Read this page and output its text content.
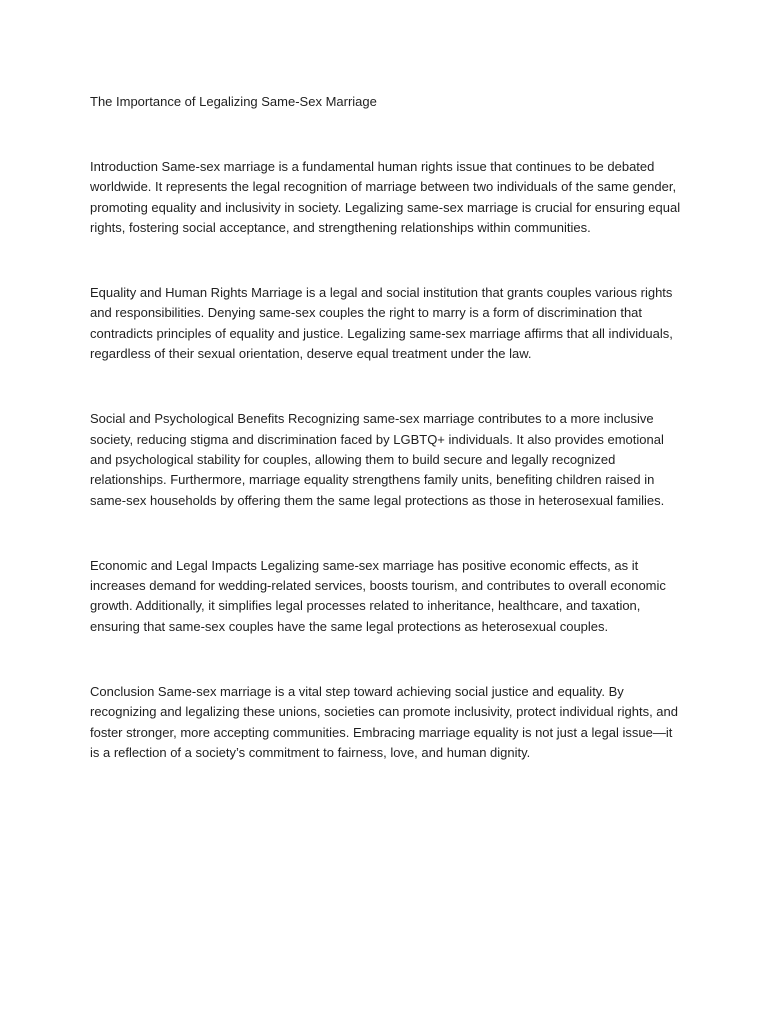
The Importance of Legalizing Same-Sex Marriage

Introduction Same-sex marriage is a fundamental human rights issue that continues to be debated worldwide. It represents the legal recognition of marriage between two individuals of the same gender, promoting equality and inclusivity in society. Legalizing same-sex marriage is crucial for ensuring equal rights, fostering social acceptance, and strengthening relationships within communities.

Equality and Human Rights Marriage is a legal and social institution that grants couples various rights and responsibilities. Denying same-sex couples the right to marry is a form of discrimination that contradicts principles of equality and justice. Legalizing same-sex marriage affirms that all individuals, regardless of their sexual orientation, deserve equal treatment under the law.

Social and Psychological Benefits Recognizing same-sex marriage contributes to a more inclusive society, reducing stigma and discrimination faced by LGBTQ+ individuals. It also provides emotional and psychological stability for couples, allowing them to build secure and legally recognized relationships. Furthermore, marriage equality strengthens family units, benefiting children raised in same-sex households by offering them the same legal protections as those in heterosexual families.

Economic and Legal Impacts Legalizing same-sex marriage has positive economic effects, as it increases demand for wedding-related services, boosts tourism, and contributes to overall economic growth. Additionally, it simplifies legal processes related to inheritance, healthcare, and taxation, ensuring that same-sex couples have the same legal protections as heterosexual couples.

Conclusion Same-sex marriage is a vital step toward achieving social justice and equality. By recognizing and legalizing these unions, societies can promote inclusivity, protect individual rights, and foster stronger, more accepting communities. Embracing marriage equality is not just a legal issue—it is a reflection of a society’s commitment to fairness, love, and human dignity.
